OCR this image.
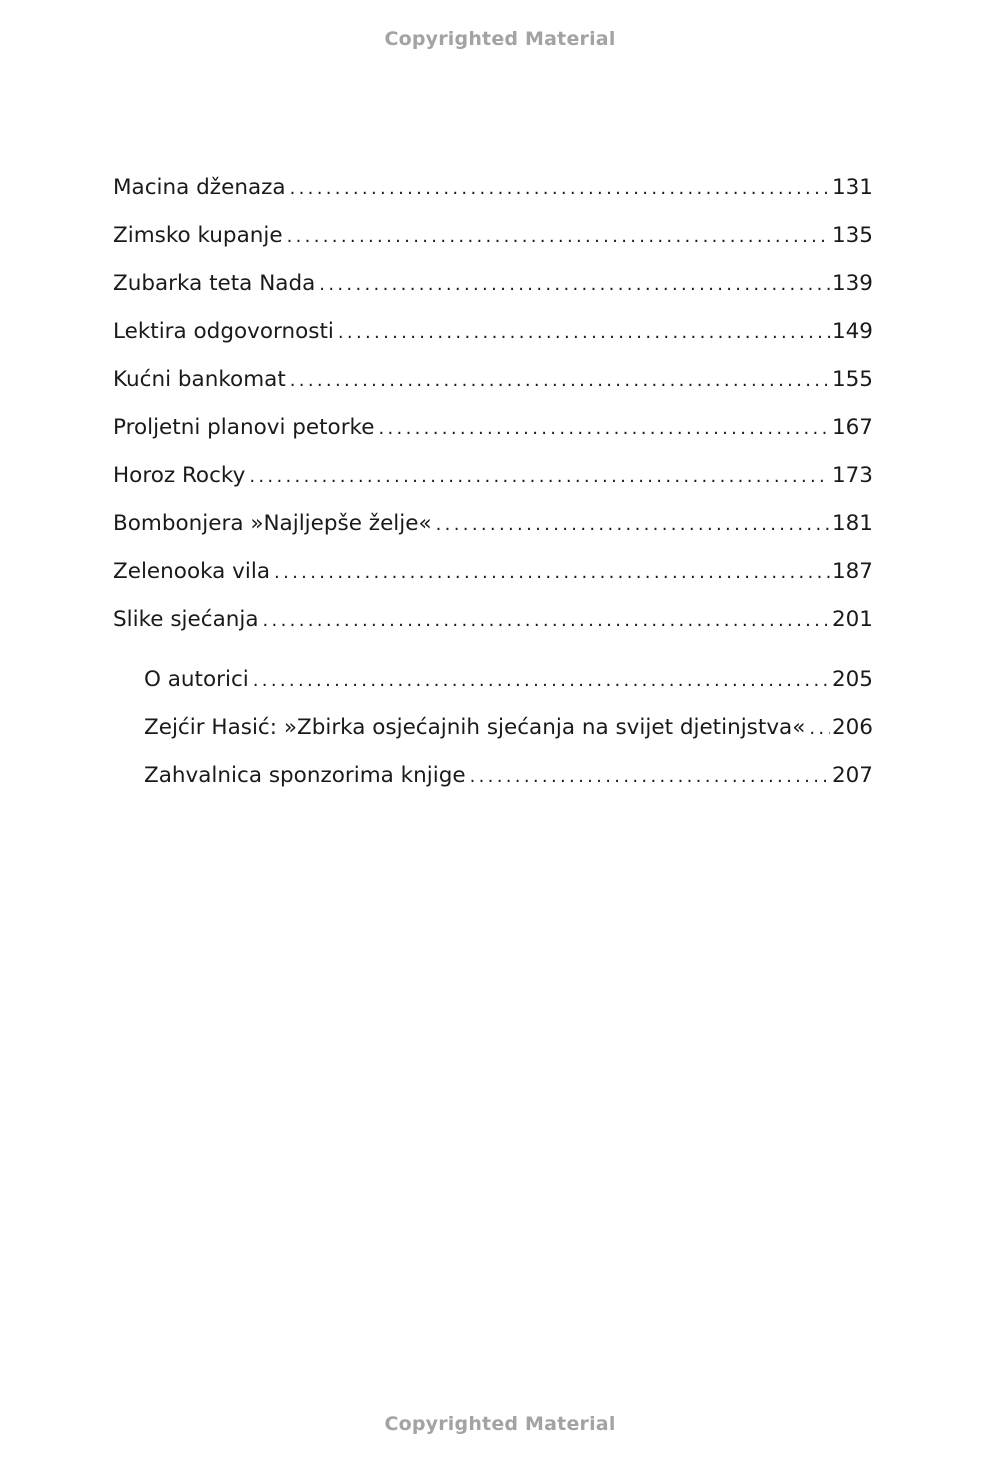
Copyrighted Material
Macina dženaza . . .	131
Zimsko kupanje . . .	135
Zubarka teta Nada . . .	139
Lektira odgovornosti . . .	149
Kućni bankomat . . .	155
Proljetni planovi petorke . . .	167
Horoz Rocky . . .	173
Bombonjera »Najljepše želje« . . .	181
Zelenooka vila . . .	187
Slike sjećanja . . .	201
O autorici . . .	205
Zejćir Hasić: »Zbirka osjećajnih sjećanja na svijet djetinjstva« . . . 206
Zahvalnica sponzorima knjige . . .	207
Copyrighted Material
